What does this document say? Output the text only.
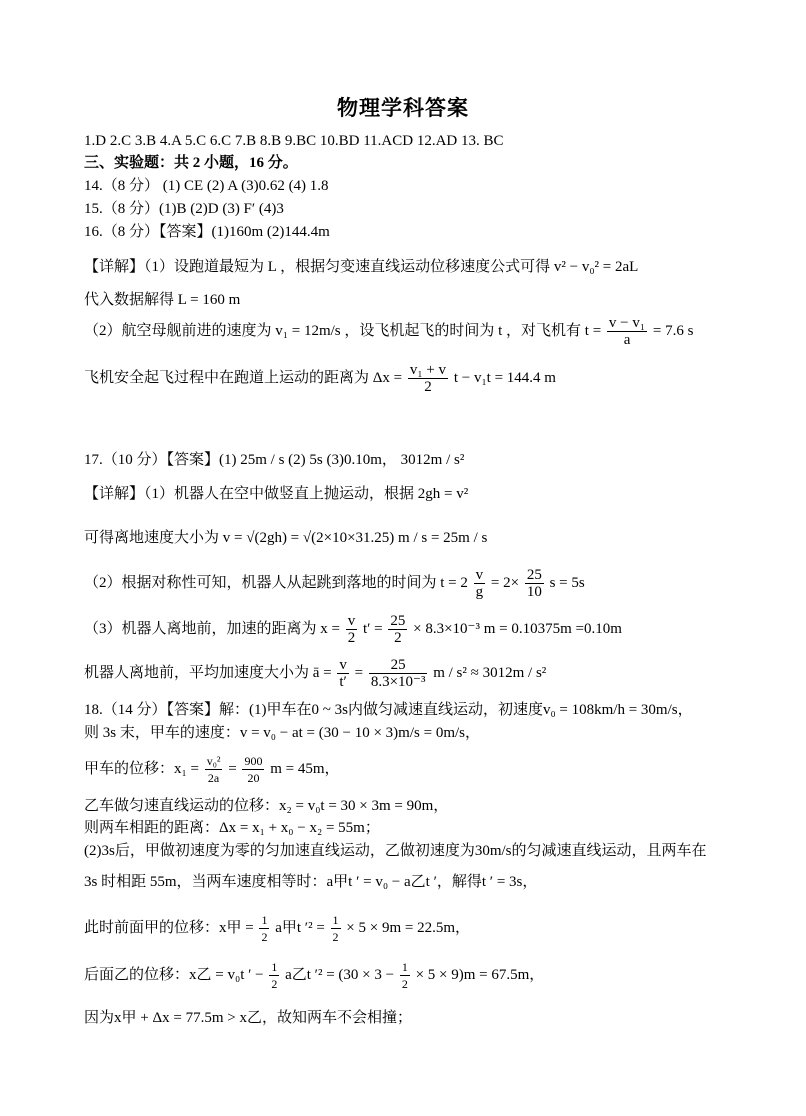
物理学科答案
1.D 2.C 3.B 4.A 5.C 6.C 7.B 8.B 9.BC 10.BD 11.ACD 12.AD 13. BC
三、实验题：共 2 小题，16 分。
14.（8 分） (1) CE (2) A (3)0.62 (4) 1.8
15.（8 分）(1)B (2)D (3) F′ (4)3
16.（8 分）【答案】(1)160m (2)144.4m
【详解】（1）设跑道最短为 L ，根据匀变速直线运动位移速度公式可得 v² − v₀² = 2aL
代入数据解得 L = 160 m
（2）航空母舰前进的速度为 v₁ = 12m/s ，设飞机起飞的时间为 t ，对飞机有 $t = \frac{\text{v − v₁}}{a} = 7.6$ s
飞机安全起飞过程中在跑道上运动的距离为 $\Delta x = \frac{\text{v₁ + v}}{2}$ t − v₁t = 144.4 m
17.（10 分）【答案】(1) 25m / s (2) 5s (3)0.10m， 3012m / s²
【详解】（1）机器人在空中做竖直上抛运动，根据 2gh = v²
可得离地速度大小为 v = √(2gh) = √(2×10×31.25) m / s = 25m / s
（2）根据对称性可知，机器人从起跳到落地的时间为 $t = 2 \frac{v}{g} = 2\times \frac{25}{10}$ s = 5s
（3）机器人离地前，加速的距离为 $x = \frac{v}{2} t' = \frac{25}{2} \times 8.3\times 10^{-3}$ m = 0.10375m =0.10m
机器人离地前，平均加速度大小为 ā = $\frac{v}{t'} = \frac{25}{\text{8.3×10⁻³}}$ m / s² ≈ 3012m / s²
18.（14 分）【答案】解：(1)甲车在0 ~ 3s内做匀减速直线运动，初速度v₀ = 108km/h = 30m/s，
则 3s 末，甲车的速度：v = v₀ − at = (30 − 10 × 3)m/s = 0m/s，
甲车的位移：$x_1 = \frac{\text{v₀²}}{2a} = \frac{900}{20}$ m = 45m，
乙车做匀速直线运动的位移：x₂ = v₀t = 30 × 3m = 90m，
则两车相距的距离：Δx = x₁ + x₀ − x₂ = 55m；
(2)3s后，甲做初速度为零的匀加速直线运动，乙做初速度为30m/s的匀减速直线运动，且两车在
3s 时相距 55m，当两车速度相等时：a甲t ′ = v₀ − a乙t ′，解得t ′ = 3s，
此时前面甲的位移：x甲 = $\frac{1}{2}$ a甲t $'^2 = \frac{1}{2} \times 5 \times 9m = 22.5m$，
后面乙的位移：x乙 = v₀t ′ − $\frac{1}{2}$ a乙t $'^2 = (30 \times 3 - \frac{1}{2} \times 5 \times 9)m = 67.5m$，
因为x甲 + Δx = 77.5m > x乙，故知两车不会相撞；
